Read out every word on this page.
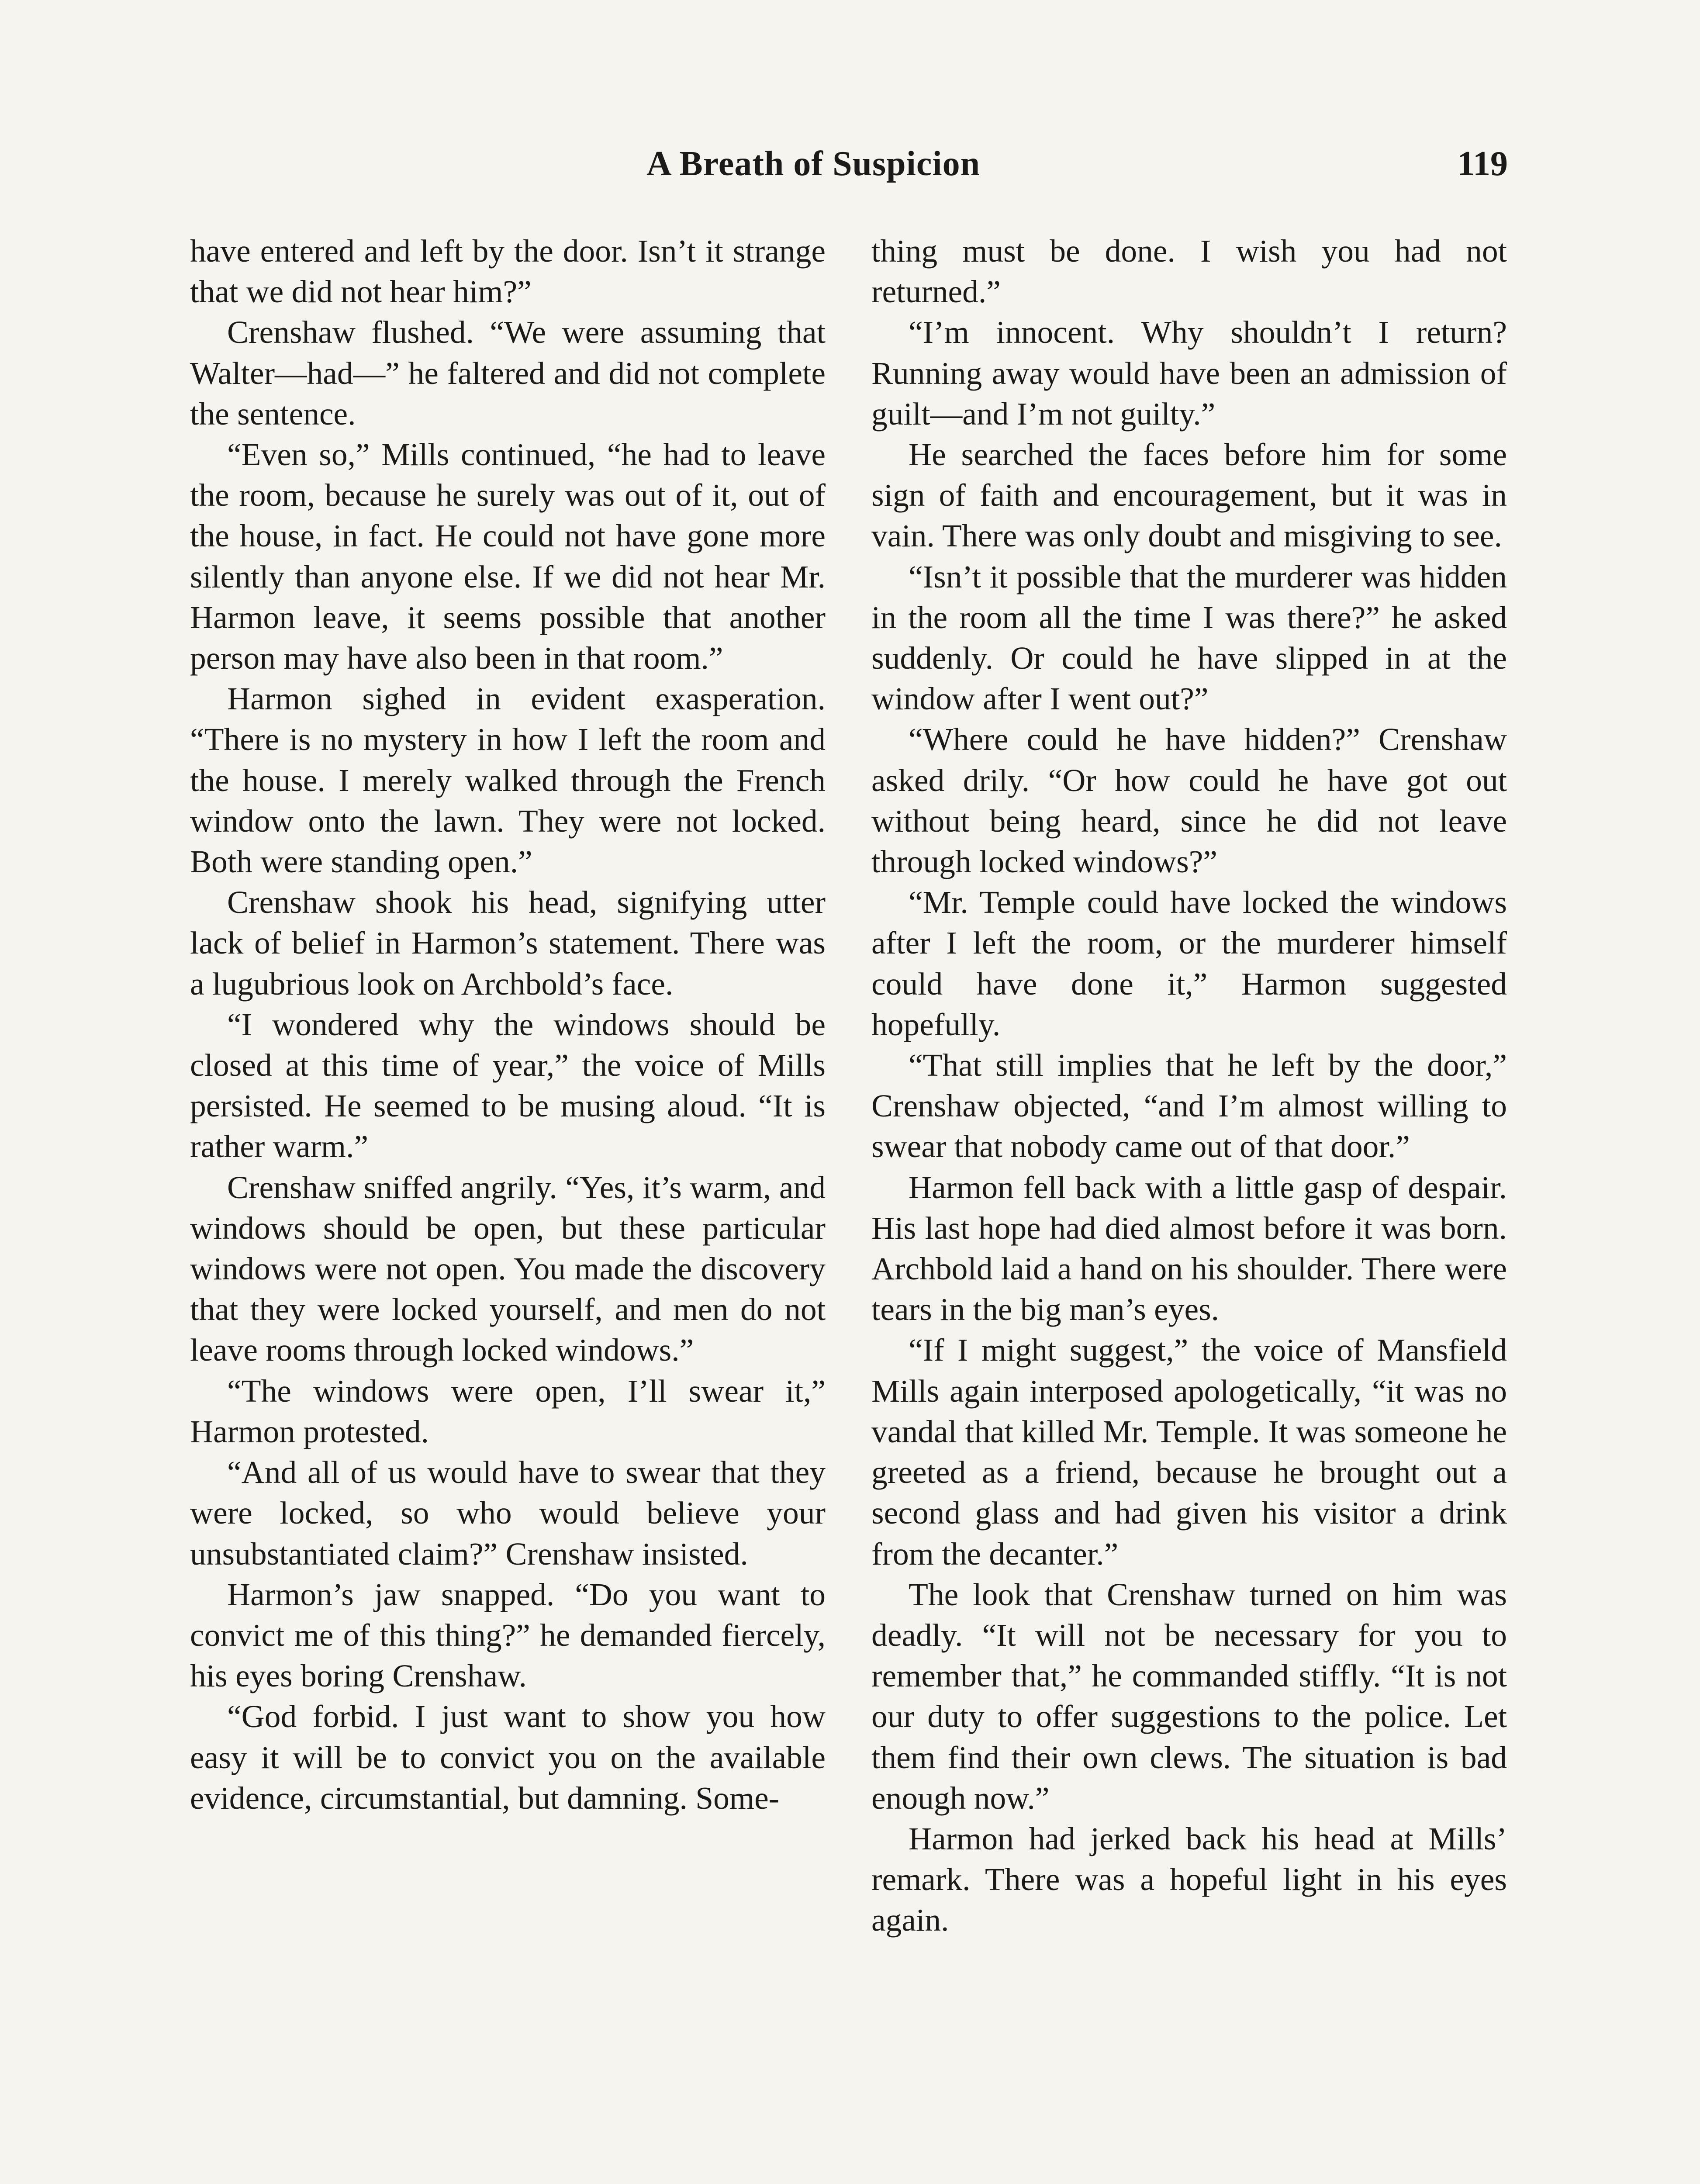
A Breath of Suspicion	119

have entered and left by the door. Isn’t it strange that we did not hear him?”

Crenshaw flushed. “We were assuming that Walter—had—” he faltered and did not complete the sentence.

“Even so,” Mills continued, “he had to leave the room, because he surely was out of it, out of the house, in fact. He could not have gone more silently than anyone else. If we did not hear Mr. Harmon leave, it seems possible that another person may have also been in that room.”

Harmon sighed in evident exasperation. “There is no mystery in how I left the room and the house. I merely walked through the French window onto the lawn. They were not locked. Both were standing open.”

Crenshaw shook his head, signifying utter lack of belief in Harmon’s statement. There was a lugubrious look on Archbold’s face.

“I wondered why the windows should be closed at this time of year,” the voice of Mills persisted. He seemed to be musing aloud. “It is rather warm.”

Crenshaw sniffed angrily. “Yes, it’s warm, and windows should be open, but these particular windows were not open. You made the discovery that they were locked yourself, and men do not leave rooms through locked windows.”

“The windows were open, I’ll swear it,” Harmon protested.

“And all of us would have to swear that they were locked, so who would believe your unsubstantiated claim?” Crenshaw insisted.

Harmon’s jaw snapped. “Do you want to convict me of this thing?” he demanded fiercely, his eyes boring Crenshaw.

“God forbid. I just want to show you how easy it will be to convict you on the available evidence, circumstantial, but damning. Some-

thing must be done. I wish you had not returned.”

“I’m innocent. Why shouldn’t I return? Running away would have been an admission of guilt—and I’m not guilty.”

He searched the faces before him for some sign of faith and encouragement, but it was in vain. There was only doubt and misgiving to see.

“Isn’t it possible that the murderer was hidden in the room all the time I was there?” he asked suddenly. Or could he have slipped in at the window after I went out?”

“Where could he have hidden?” Crenshaw asked drily. “Or how could he have got out without being heard, since he did not leave through locked windows?”

“Mr. Temple could have locked the windows after I left the room, or the murderer himself could have done it,” Harmon suggested hopefully.

“That still implies that he left by the door,” Crenshaw objected, “and I’m almost willing to swear that nobody came out of that door.”

Harmon fell back with a little gasp of despair. His last hope had died almost before it was born. Archbold laid a hand on his shoulder. There were tears in the big man’s eyes.

“If I might suggest,” the voice of Mansfield Mills again interposed apologetically, “it was no vandal that killed Mr. Temple. It was someone he greeted as a friend, because he brought out a second glass and had given his visitor a drink from the decanter.”

The look that Crenshaw turned on him was deadly. “It will not be necessary for you to remember that,” he commanded stiffly. “It is not our duty to offer suggestions to the police. Let them find their own clews. The situation is bad enough now.”

Harmon had jerked back his head at Mills’ remark. There was a hopeful light in his eyes again.
